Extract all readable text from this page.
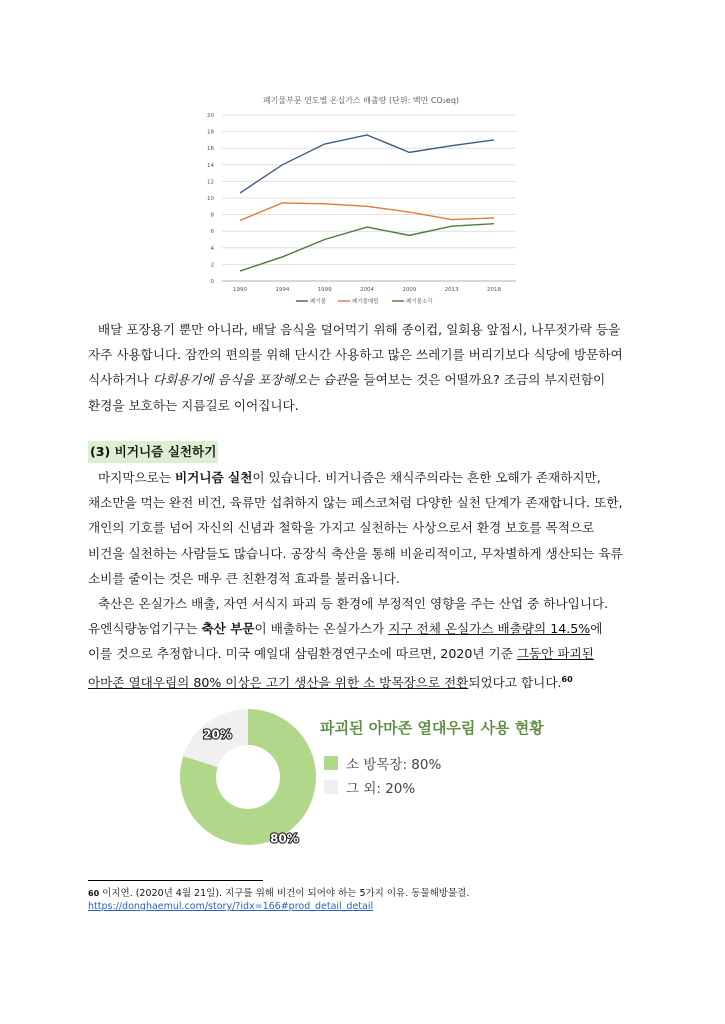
폐기물부문 연도별 온실가스 배출량 (단위: 백만 CO₂eq)
0
2
4
6
8
10
12
14
16
18
20
1990	1994	1999	2004	2009	2013	2018
폐기물	폐기물매립	폐기물소각

배달 포장용기 뿐만 아니라, 배달 음식을 덜어먹기 위해 종이컵, 일회용 앞접시, 나무젓가락 등을

자주 사용합니다. 잠깐의 편의를 위해 단시간 사용하고 많은 쓰레기를 버리기보다 식당에 방문하여

식사하거나 다회용기에 음식을 포장해오는 습관을 들여보는 것은 어떨까요? 조금의 부지런함이

환경을 보호하는 지름길로 이어집니다.

(3) 비거니즘 실천하기

마지막으로는 비거니즘 실천이 있습니다. 비거니즘은 채식주의라는 흔한 오해가 존재하지만,

채소만을 먹는 완전 비건, 육류만 섭취하지 않는 페스코처럼 다양한 실천 단계가 존재합니다. 또한,

개인의 기호를 넘어 자신의 신념과 철학을 가지고 실천하는 사상으로서 환경 보호를 목적으로

비건을 실천하는 사람들도 많습니다. 공장식 축산을 통해 비윤리적이고, 무차별하게 생산되는 육류

소비를 줄이는 것은 매우 큰 친환경적 효과를 불러옵니다.

축산은 온실가스 배출, 자연 서식지 파괴 등 환경에 부정적인 영향을 주는 산업 중 하나입니다.

유엔식량농업기구는 축산 부문이 배출하는 온실가스가 지구 전체 온실가스 배출량의 14.5%에

이를 것으로 추정합니다. 미국 예일대 삼림환경연구소에 따르면, 2020년 기준 그동안 파괴된

아마존 열대우림의 80% 이상은 고기 생산을 위한 소 방목장으로 전환되었다고 합니다.$^{60}$

80%
20%	파괴된 아마존 열대우림 사용 현황
소 방목장: 80%
그 외: 20%
$^{60}$ 이지연. (2020년 4월 21일). 지구를 위해 비건이 되어야 하는 5가지 이유. 동물해방물결.
https://donghaemul.com/story/?idx=166#prod_detail_detail
